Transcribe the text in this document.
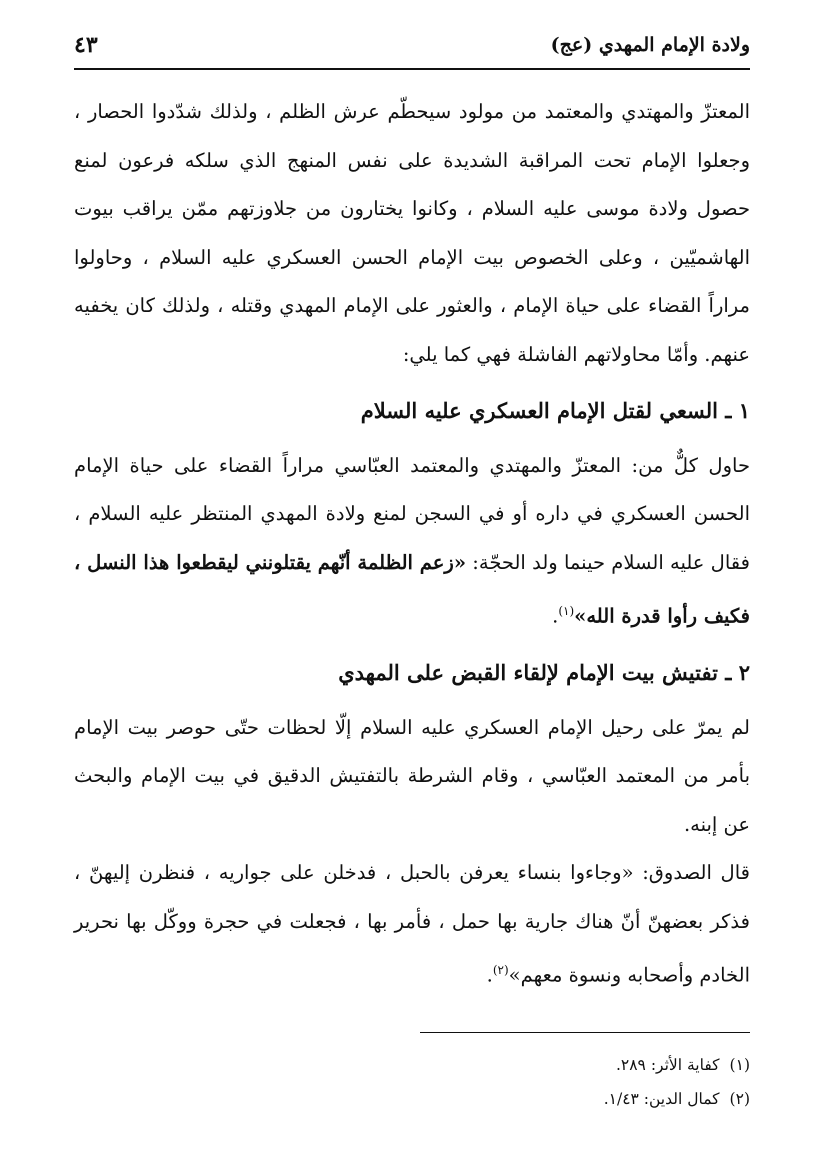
ولادة الإمام المهدي (عج)
٤٣

المعتزّ والمهتدي والمعتمد من مولود سيحطّم عرش الظلم ، ولذلك شدّدوا الحصار ، وجعلوا الإمام تحت المراقبة الشديدة على نفس المنهج الذي سلكه فرعون لمنع حصول ولادة موسى عليه السلام ، وكانوا يختارون من جلاوزتهم ممّن يراقب بيوت الهاشميّين ، وعلى الخصوص بيت الإمام الحسن العسكري عليه السلام ، وحاولوا مراراً القضاء على حياة الإمام ، والعثور على الإمام المهدي وقتله ، ولذلك كان يخفيه عنهم. وأمّا محاولاتهم الفاشلة فهي كما يلي:

١ ـ السعي لقتل الإمام العسكري عليه السلام

حاول كلٌّ من: المعتزّ والمهتدي والمعتمد العبّاسي مراراً القضاء على حياة الإمام الحسن العسكري في داره أو في السجن لمنع ولادة المهدي المنتظر عليه السلام ، فقال عليه السلام حينما ولد الحجّة: «زعم الظلمة أنّهم يقتلونني ليقطعوا هذا النسل ، فكيف رأوا قدرة الله»$^{(١)}$.

٢ ـ تفتيش بيت الإمام لإلقاء القبض على المهدي

لم يمرّ على رحيل الإمام العسكري عليه السلام إلّا لحظات حتّى حوصر بيت الإمام بأمر من المعتمد العبّاسي ، وقام الشرطة بالتفتيش الدقيق في بيت الإمام والبحث عن إبنه.

قال الصدوق: «وجاءوا بنساء يعرفن بالحبل ، فدخلن على جواريه ، فنظرن إليهنّ ، فذكر بعضهنّ أنّ هناك جارية بها حمل ، فأمر بها ، فجعلت في حجرة ووكّل بها نحرير الخادم وأصحابه ونسوة معهم»$^{(٢)}$.

(١)كفاية الأثر: ٢٨٩.
(٢)كمال الدين: ١/٤٣.
